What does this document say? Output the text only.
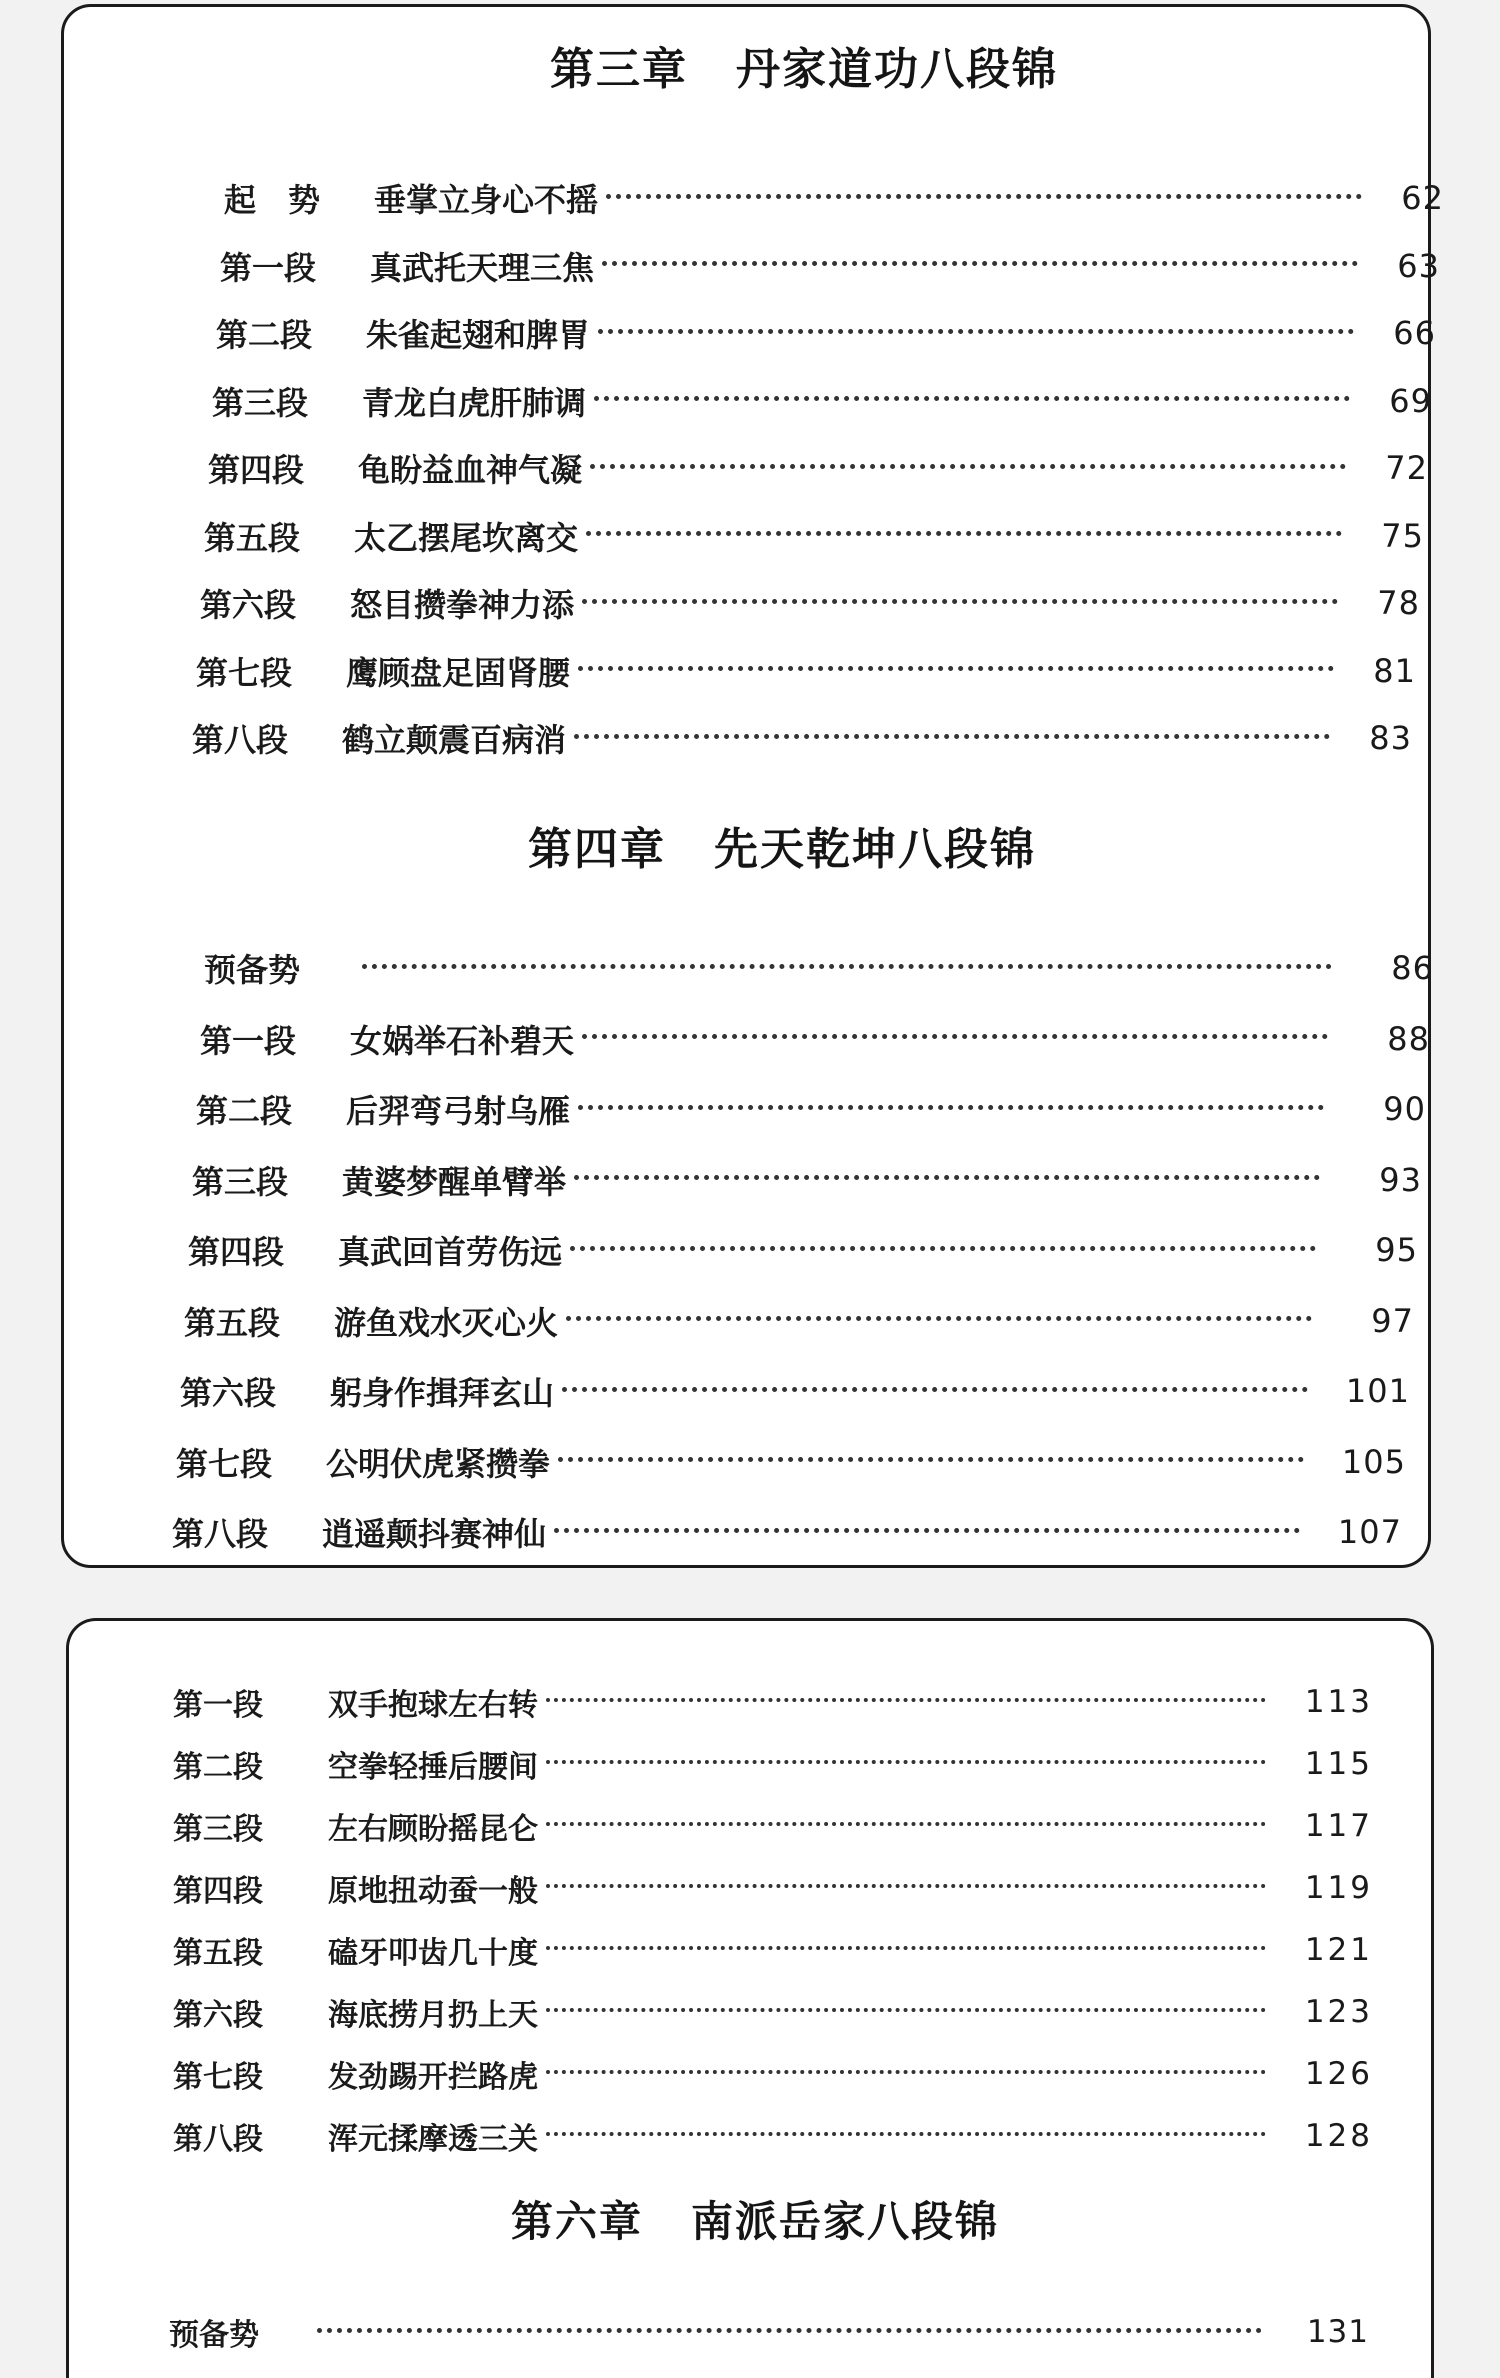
第三章 丹家道功八段锦
起　势	垂掌立身心不摇	62
第一段	真武托天理三焦	63
第二段	朱雀起翅和脾胃	66
第三段	青龙白虎肝肺调	69
第四段	龟盼益血神气凝	72
第五段	太乙摆尾坎离交	75
第六段	怒目攒拳神力添	78
第七段	鹰顾盘足固肾腰	81
第八段	鹤立颠震百病消	83
第四章 先天乾坤八段锦
预备势	86
第一段	女娲举石补碧天	88
第二段	后羿弯弓射乌雁	90
第三段	黄婆梦醒单臂举	93
第四段	真武回首劳伤远	95
第五段	游鱼戏水灭心火	97
第六段	躬身作揖拜玄山	101
第七段	公明伏虎紧攒拳	105
第八段	逍遥颠抖赛神仙	107
第一段	双手抱球左右转	113
第二段	空拳轻捶后腰间	115
第三段	左右顾盼摇昆仑	117
第四段	原地扭动蚕一般	119
第五段	磕牙叩齿几十度	121
第六段	海底捞月扔上天	123
第七段	发劲踢开拦路虎	126
第八段	浑元揉摩透三关	128
第六章 南派岳家八段锦
预备势	131
